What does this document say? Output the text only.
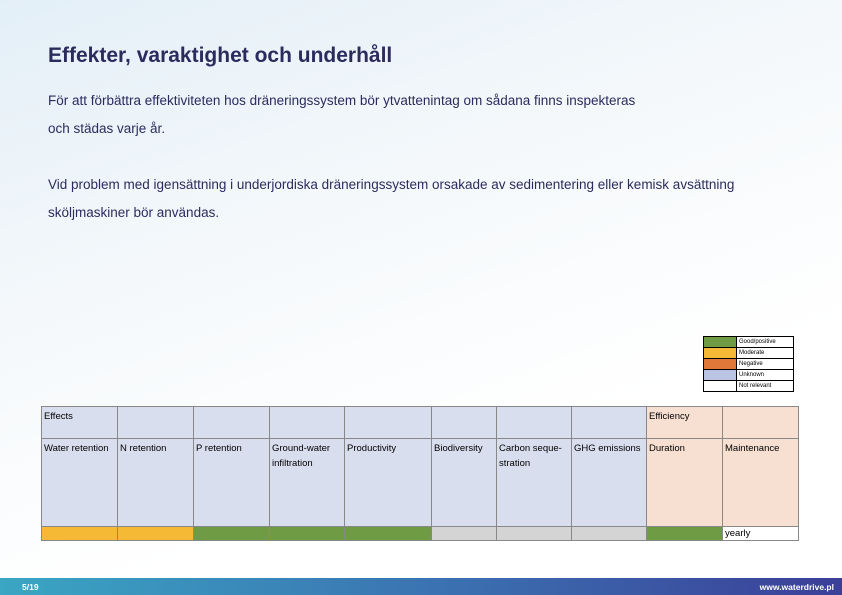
Effekter, varaktighet och underhåll
För att förbättra effektiviteten hos dräneringssystem bör ytvattenintag om sådana finns inspekteras
och städas varje år.
Vid problem med igensättning i underjordiska dräneringssystem orsakade av sedimentering eller kemisk avsättning
sköljmaskiner bör användas.
	Good/positive
	Moderate
	Negative
	Unknown
	Not relevant
Effects								Efficiency	
Water retention	N retention	P retention	Ground-water infiltration	Productivity	Biodiversity	Carbon seque-stration	GHG emissions	Duration	Maintenance
									yearly
5/19	www.waterdrive.pl
